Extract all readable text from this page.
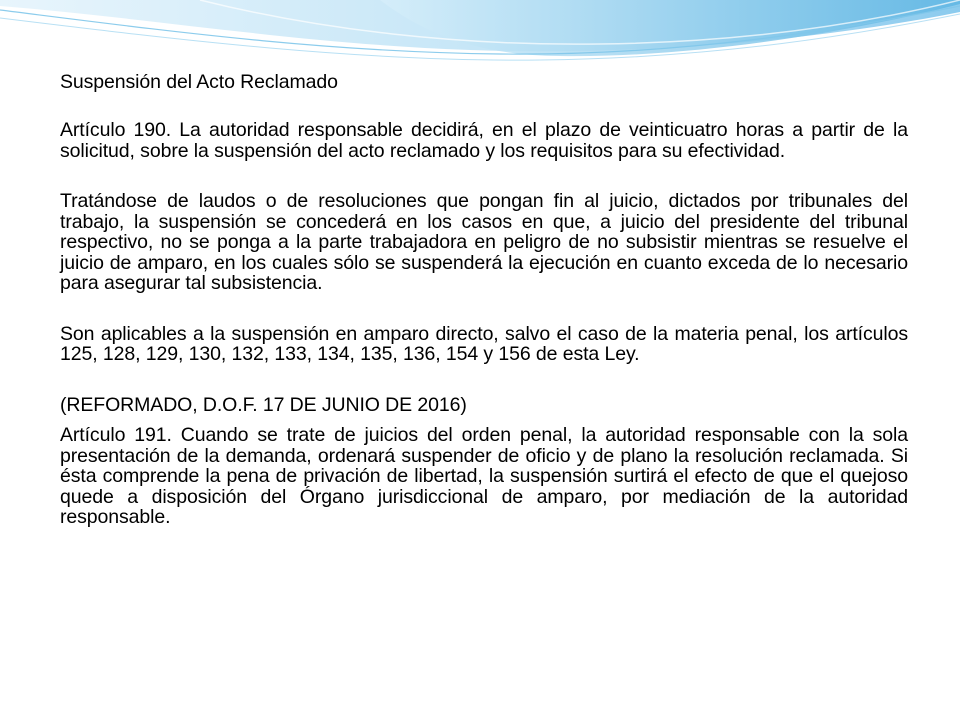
Suspensión del Acto Reclamado

Artículo 190. La autoridad responsable decidirá, en el plazo de veinticuatro horas a partir de la solicitud, sobre la suspensión del acto reclamado y los requisitos para su efectividad.

Tratándose de laudos o de resoluciones que pongan fin al juicio, dictados por tribunales del trabajo, la suspensión se concederá en los casos en que, a juicio del presidente del tribunal respectivo, no se ponga a la parte trabajadora en peligro de no subsistir mientras se resuelve el juicio de amparo, en los cuales sólo se suspenderá la ejecución en cuanto exceda de lo necesario para asegurar tal subsistencia.

Son aplicables a la suspensión en amparo directo, salvo el caso de la materia penal, los artículos 125, 128, 129, 130, 132, 133, 134, 135, 136, 154 y 156 de esta Ley.

(REFORMADO, D.O.F. 17 DE JUNIO DE 2016)

Artículo 191. Cuando se trate de juicios del orden penal, la autoridad responsable con la sola presentación de la demanda, ordenará suspender de oficio y de plano la resolución reclamada. Si ésta comprende la pena de privación de libertad, la suspensión surtirá el efecto de que el quejoso quede a disposición del Órgano jurisdiccional de amparo, por mediación de la autoridad responsable.
